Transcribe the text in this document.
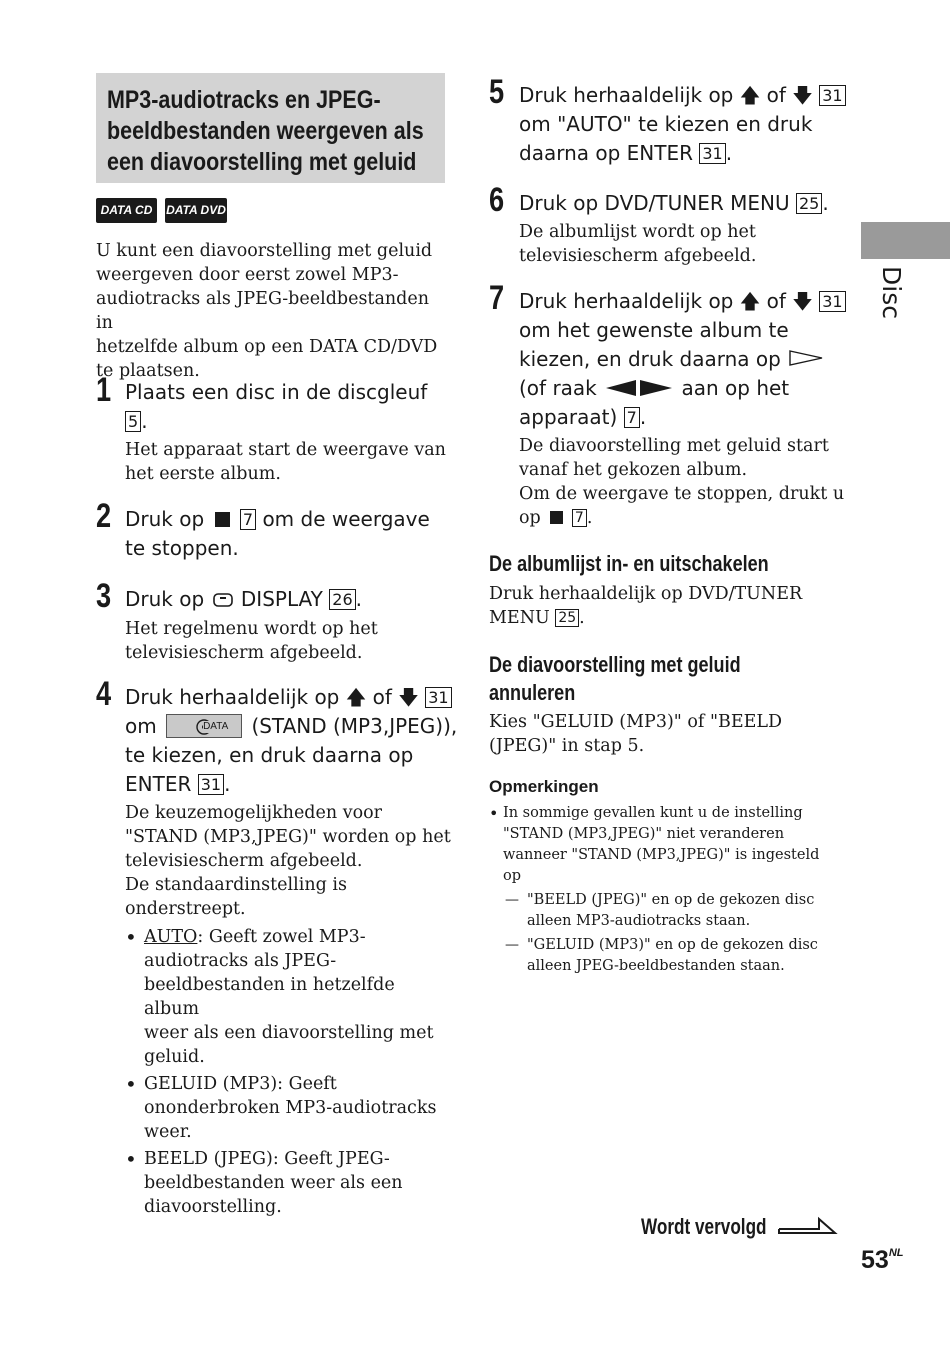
MP3-audiotracks en JPEG-
beeldbestanden weergeven als
een diavoorstelling met geluid
DATA CD	DATA DVD
U kunt een diavoorstelling met geluid
weergeven door eerst zowel MP3-
audiotracks als JPEG-beeldbestanden in
hetzelfde album op een DATA CD/DVD
te plaatsen.
1 Plaats een disc in de discgleuf
5 .
Het apparaat start de weergave van
het eerste album.
2 Druk op 7 om de weergave
te stoppen.
3 Druk op DISPLAY 26 .
Het regelmenu wordt op het
televisiescherm afgebeeld.
4 Druk herhaaldelijk op 🡅 of 🡇 31
om	DATA (STAND (MP3,JPEG)),
te kiezen, en druk daarna op
ENTER 31 .
De keuzemogelijkheden voor
"STAND (MP3,JPEG)" worden op het
televisiescherm afgebeeld.
De standaardinstelling is
onderstreept.
• AUTO: Geeft zowel MP3-
audiotracks als JPEG-
beeldbestanden in hetzelfde album
weer als een diavoorstelling met
geluid.
• GELUID (MP3): Geeft
ononderbroken MP3-audiotracks
weer.
• BEELD (JPEG): Geeft JPEG-
beeldbestanden weer als een
diavoorstelling.
5 Druk herhaaldelijk op 🡅 of 🡇 31
om "AUTO" te kiezen en druk
daarna op ENTER 31 .
6 Druk op DVD/TUNER MENU 25 .
De albumlijst wordt op het
televisiescherm afgebeeld.
7 Druk herhaaldelijk op 🡅 of 🡇 31
om het gewenste album te
kiezen, en druk daarna op
(of raak	aan op het
apparaat) 7 .
De diavoorstelling met geluid start
vanaf het gekozen album.
Om de weergave te stoppen, drukt u
op 7 .
De albumlijst in- en uitschakelen
Druk herhaaldelijk op DVD/TUNER
MENU 25 .
De diavoorstelling met geluid
annuleren
Kies "GELUID (MP3)" of "BEELD
(JPEG)" in stap 5.
Opmerkingen
• In sommige gevallen kunt u de instelling
"STAND (MP3,JPEG)" niet veranderen
wanneer "STAND (MP3,JPEG)" is ingesteld
op
— "BEELD (JPEG)" en op de gekozen disc
alleen MP3-audiotracks staan.
— "GELUID (MP3)" en op de gekozen disc
alleen JPEG-beeldbestanden staan.
Disc
Wordt vervolgd
$53^{NL}$
